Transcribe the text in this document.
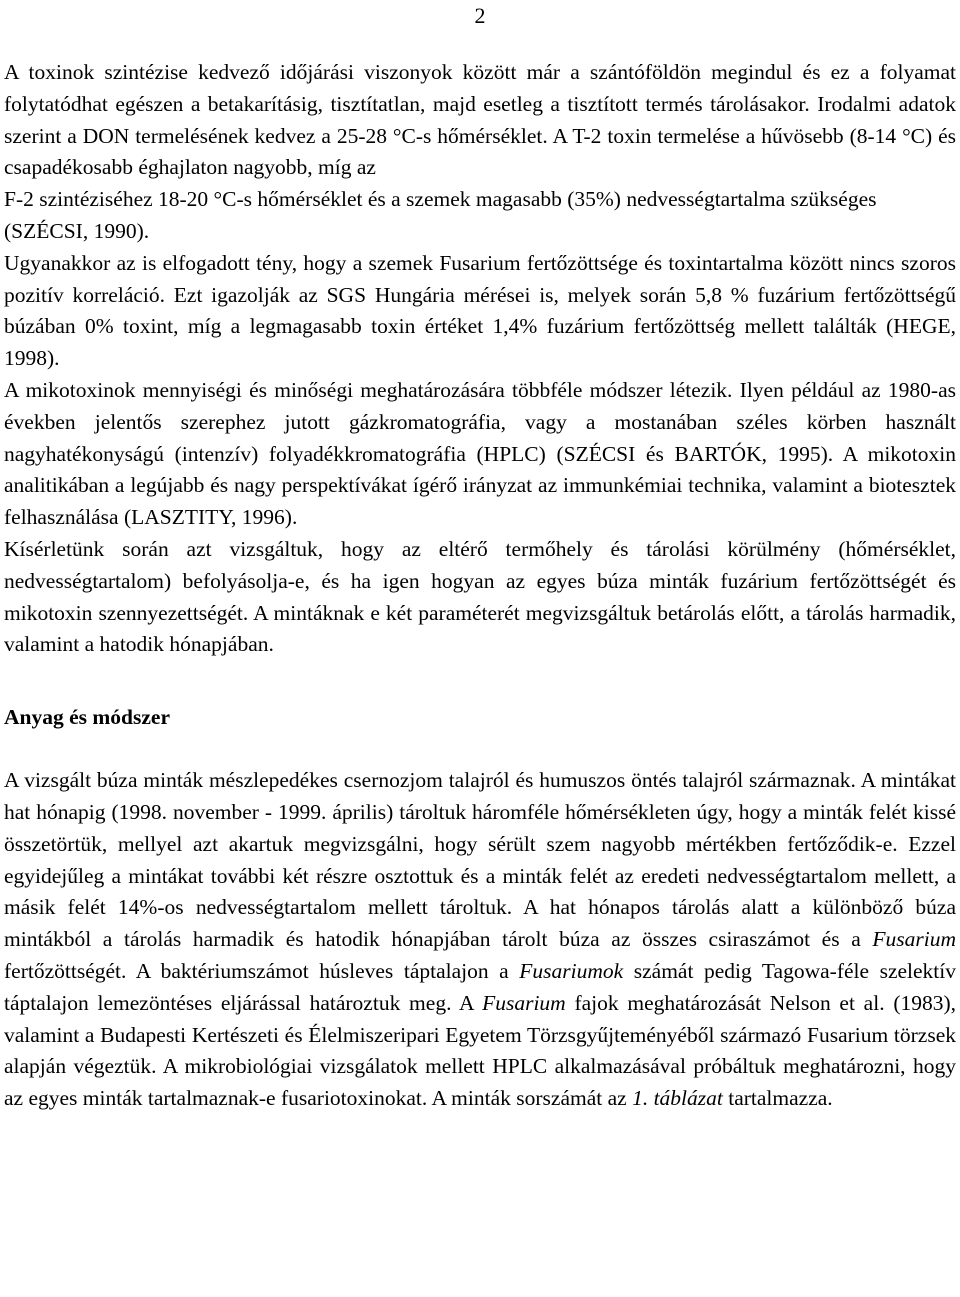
2

A toxinok szintézise kedvező időjárási viszonyok között már a szántóföldön megindul és ez a folyamat folytatódhat egészen a betakarításig, tisztítatlan, majd esetleg a tisztított termés tárolásakor. Irodalmi adatok szerint a DON termelésének kedvez a 25-28 °C-s hőmérséklet. A T-2 toxin termelése a hűvösebb (8-14 °C) és csapadékosabb éghajlaton nagyobb, míg az

F-2 szintéziséhez 18-20 °C-s hőmérséklet és a szemek magasabb (35%) nedvességtartalma szükséges (SZÉCSI, 1990).

Ugyanakkor az is elfogadott tény, hogy a szemek Fusarium fertőzöttsége és toxintartalma között nincs szoros pozitív korreláció. Ezt igazolják az SGS Hungária mérései is, melyek során 5,8 % fuzárium fertőzöttségű búzában 0% toxint, míg a legmagasabb toxin értéket 1,4% fuzárium fertőzöttség mellett találták (HEGE, 1998).

A mikotoxinok mennyiségi és minőségi meghatározására többféle módszer létezik. Ilyen például az 1980-as években jelentős szerephez jutott gázkromatográfia, vagy a mostanában széles körben használt nagyhatékonyságú (intenzív) folyadékkromatográfia (HPLC) (SZÉCSI és BARTÓK, 1995). A mikotoxin analitikában a legújabb és nagy perspektívákat ígérő irányzat az immunkémiai technika, valamint a biotesztek felhasználása (LASZTITY, 1996).

Kísérletünk során azt vizsgáltuk, hogy az eltérő termőhely és tárolási körülmény (hőmérséklet, nedvességtartalom) befolyásolja-e, és ha igen hogyan az egyes búza minták fuzárium fertőzöttségét és mikotoxin szennyezettségét. A mintáknak e két paraméterét megvizsgáltuk betárolás előtt, a tárolás harmadik, valamint a hatodik hónapjában.

Anyag és módszer

A vizsgált búza minták mészlepedékes csernozjom talajról és humuszos öntés talajról származnak. A mintákat hat hónapig (1998. november - 1999. április) tároltuk háromféle hőmérsékleten úgy, hogy a minták felét kissé összetörtük, mellyel azt akartuk megvizsgálni, hogy sérült szem nagyobb mértékben fertőződik-e. Ezzel egyidejűleg a mintákat további két részre osztottuk és a minták felét az eredeti nedvességtartalom mellett, a másik felét 14%-os nedvességtartalom mellett tároltuk. A hat hónapos tárolás alatt a különböző búza mintákból a tárolás harmadik és hatodik hónapjában tárolt búza az összes csiraszámot és a Fusarium fertőzöttségét. A baktériumszámot húsleves táptalajon a Fusariumok számát pedig Tagowa-féle szelektív táptalajon lemezöntéses eljárással határoztuk meg. A Fusarium fajok meghatározását Nelson et al. (1983), valamint a Budapesti Kertészeti és Élelmiszeripari Egyetem Törzsgyűjteményéből származó Fusarium törzsek alapján végeztük. A mikrobiológiai vizsgálatok mellett HPLC alkalmazásával próbáltuk meghatározni, hogy az egyes minták tartalmaznak-e fusariotoxinokat. A minták sorszámát az 1. táblázat tartalmazza.
